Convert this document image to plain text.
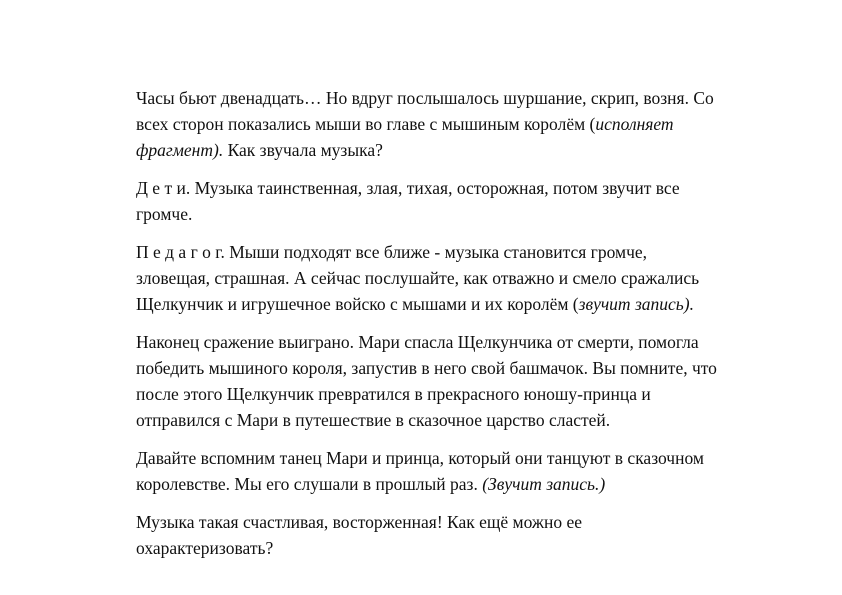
Часы бьют двенадцать… Но вдруг послышалось шуршание, скрип, возня. Со
всех сторон показались мыши во главе с мышиным королём (исполняет
фрагмент). Как звучала музыка?

Д е т и. Музыка таинственная, злая, тихая, осторожная, потом звучит все
громче.

П е д а г о г. Мыши подходят все ближе - музыка становится громче,
зловещая, страшная. А сейчас послушайте, как отважно и смело сражались
Щелкунчик и игрушечное войско с мышами и их королём (звучит запись).

Наконец сражение выиграно. Мари спасла Щелкунчика от смерти, помогла
победить мышиного короля, запустив в него свой башмачок. Вы помните, что
после этого Щелкунчик превратился в прекрасного юношу-принца и
отправился с Мари в путешествие в сказочное царство сластей.

Давайте вспомним танец Мари и принца, который они танцуют в сказочном
королевстве. Мы его слушали в прошлый раз. (Звучит запись.)

Музыка такая счастливая, восторженная! Как ещё можно ее
охарактеризовать?
